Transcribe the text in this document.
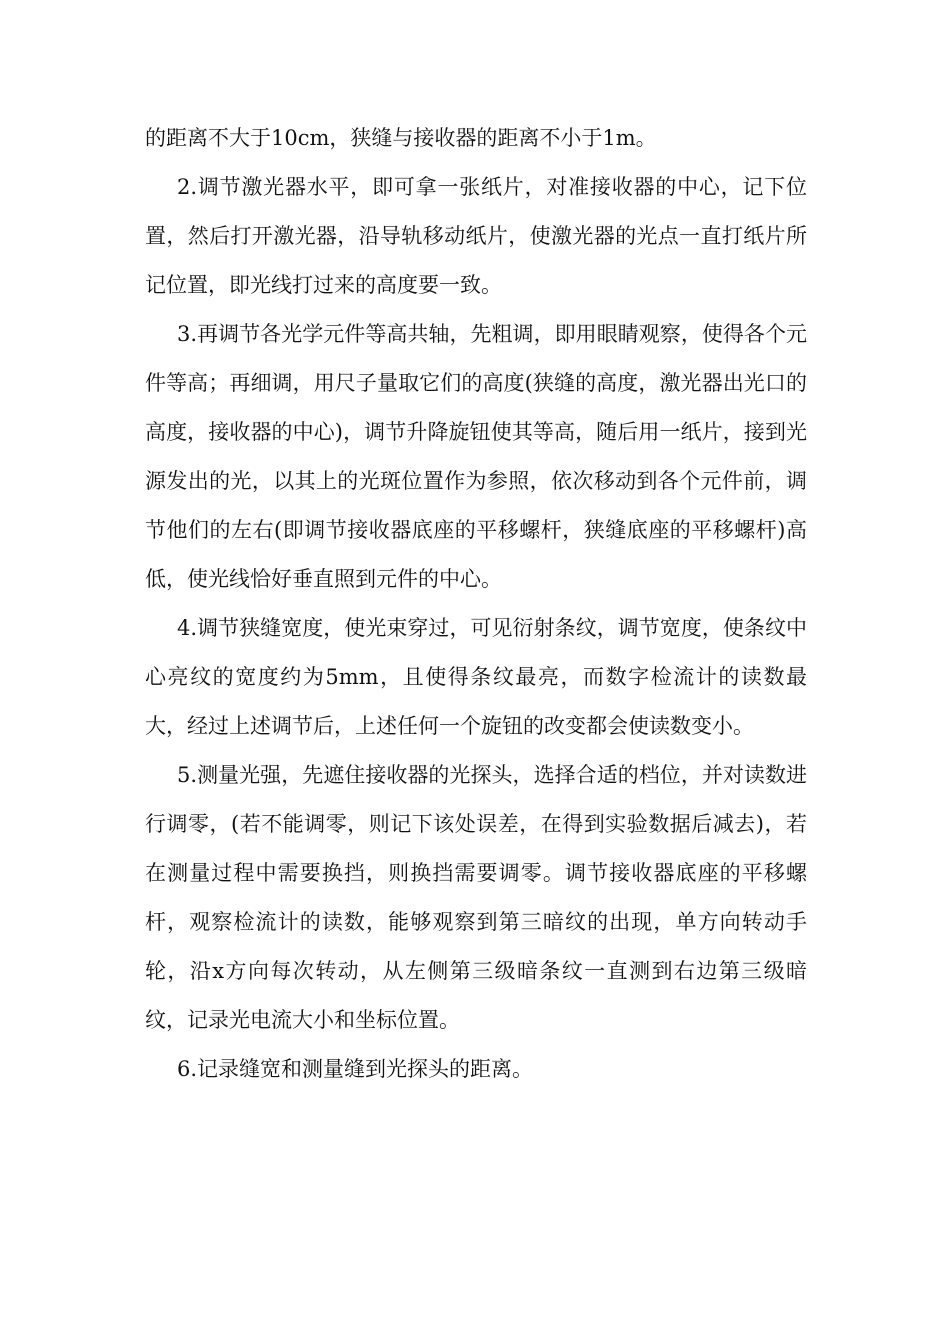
的距离不大于10cm，狭缝与接收器的距离不小于1m。

2.调节激光器水平，即可拿一张纸片，对准接收器的中心，记下位置，然后打开激光器，沿导轨移动纸片，使激光器的光点一直打纸片所记位置，即光线打过来的高度要一致。

3.再调节各光学元件等高共轴，先粗调，即用眼睛观察，使得各个元件等高；再细调，用尺子量取它们的高度(狭缝的高度，激光器出光口的高度，接收器的中心)，调节升降旋钮使其等高，随后用一纸片，接到光源发出的光，以其上的光斑位置作为参照，依次移动到各个元件前，调节他们的左右(即调节接收器底座的平移螺杆，狭缝底座的平移螺杆)高低，使光线恰好垂直照到元件的中心。

4.调节狭缝宽度，使光束穿过，可见衍射条纹，调节宽度，使条纹中心亮纹的宽度约为5mm，且使得条纹最亮，而数字检流计的读数最大，经过上述调节后，上述任何一个旋钮的改变都会使读数变小。

5.测量光强，先遮住接收器的光探头，选择合适的档位，并对读数进行调零，(若不能调零，则记下该处误差，在得到实验数据后减去)，若在测量过程中需要换挡，则换挡需要调零。调节接收器底座的平移螺杆，观察检流计的读数，能够观察到第三暗纹的出现，单方向转动手轮，沿x方向每次转动，从左侧第三级暗条纹一直测到右边第三级暗纹，记录光电流大小和坐标位置。

6.记录缝宽和测量缝到光探头的距离。
